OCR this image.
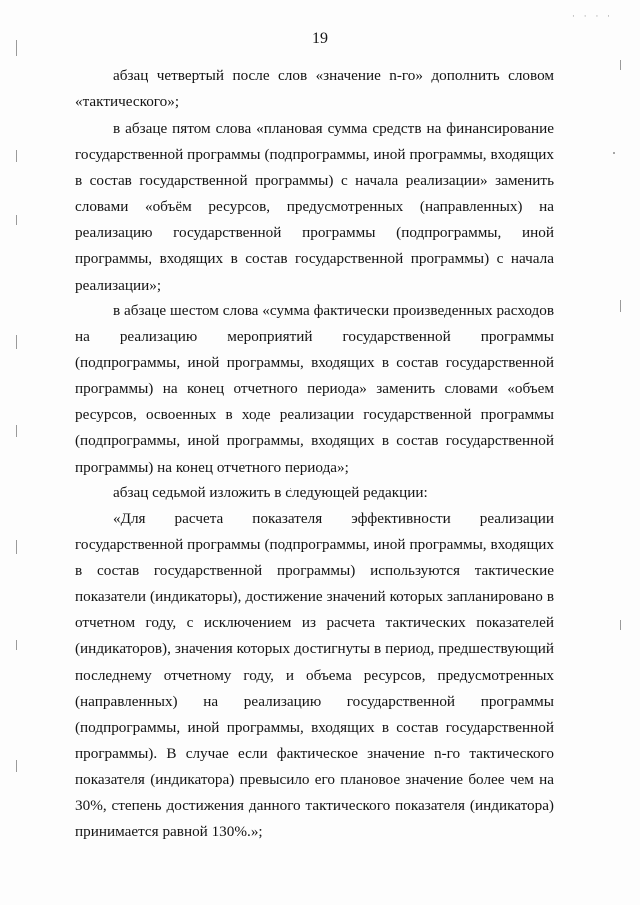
· · · ·
19

абзац четвертый после слов «значение n-го» дополнить словом «тактического»;

в абзаце пятом слова «плановая сумма средств на финансирование государственной программы (подпрограммы, иной программы, входящих в состав государственной программы) с начала реализации» заменить словами «объём ресурсов, предусмотренных (направленных) на реализацию государственной программы (подпрограммы, иной программы, входящих в состав государственной программы) с начала реализации»;

в абзаце шестом слова «сумма фактически произведенных расходов на реализацию мероприятий государственной программы (подпрограммы, иной программы, входящих в состав государственной программы) на конец отчетного периода» заменить словами «объем ресурсов, освоенных в ходе реализации государственной программы (подпрограммы, иной программы, входящих в состав государственной программы) на конец отчетного периода»;

абзац седьмой изложить в следующей редакции:

«Для расчета показателя эффективности реализации государственной программы (подпрограммы, иной программы, входящих в состав государственной программы) используются тактические показатели (индикаторы), достижение значений которых запланировано в отчетном году, с исключением из расчета тактических показателей (индикаторов), значения которых достигнуты в период, предшествующий последнему отчетному году, и объема ресурсов, предусмотренных (направленных) на реализацию государственной программы (подпрограммы, иной программы, входящих в состав государственной программы). В случае если фактическое значение n-го тактического показателя (индикатора) превысило его плановое значение более чем на 30%, степень достижения данного тактического показателя (индикатора) принимается равной 130%.»;
